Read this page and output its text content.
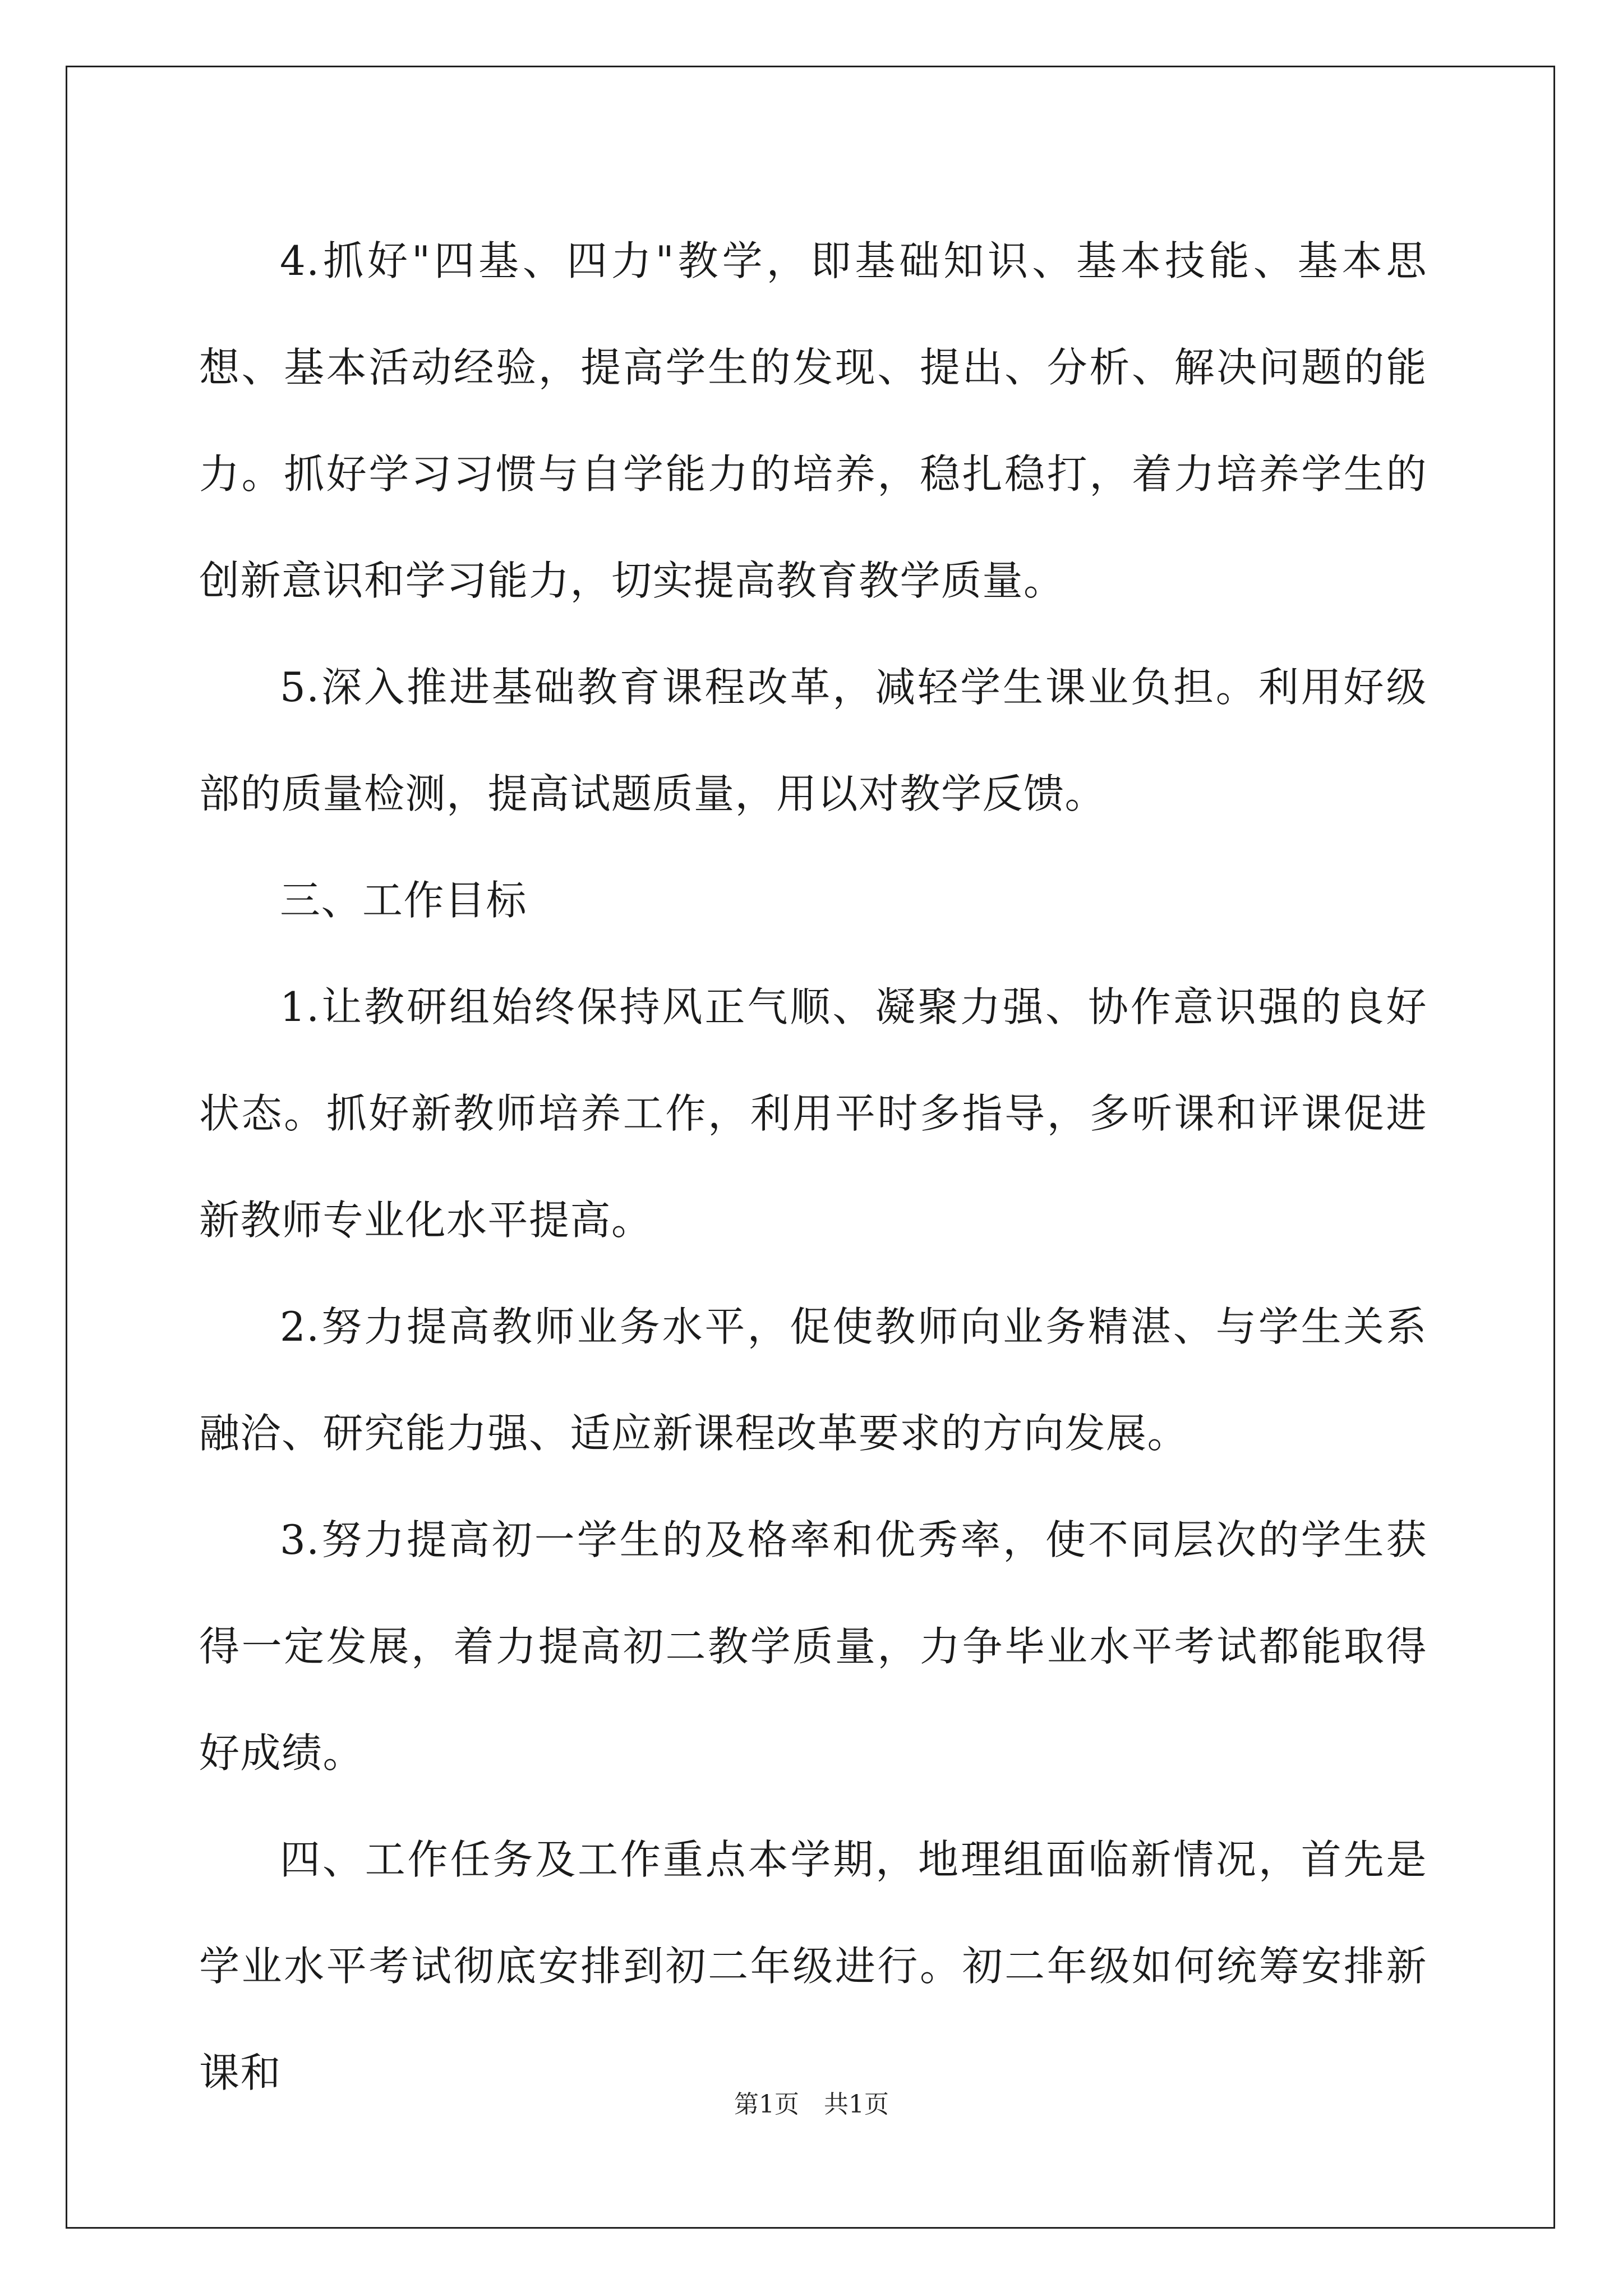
4.抓好"四基、四力"教学，即基础知识、基本技能、基本思想、基本活动经验，提高学生的发现、提出、分析、解决问题的能力。抓好学习习惯与自学能力的培养，稳扎稳打，着力培养学生的创新意识和学习能力，切实提高教育教学质量。

5.深入推进基础教育课程改革，减轻学生课业负担。利用好级部的质量检测，提高试题质量，用以对教学反馈。

三、工作目标

1.让教研组始终保持风正气顺、凝聚力强、协作意识强的良好状态。抓好新教师培养工作，利用平时多指导，多听课和评课促进新教师专业化水平提高。

2.努力提高教师业务水平，促使教师向业务精湛、与学生关系融洽、研究能力强、适应新课程改革要求的方向发展。

3.努力提高初一学生的及格率和优秀率，使不同层次的学生获得一定发展，着力提高初二教学质量，力争毕业水平考试都能取得好成绩。

四、工作任务及工作重点本学期，地理组面临新情况，首先是学业水平考试彻底安排到初二年级进行。初二年级如何统筹安排新课和

第1页　共1页
